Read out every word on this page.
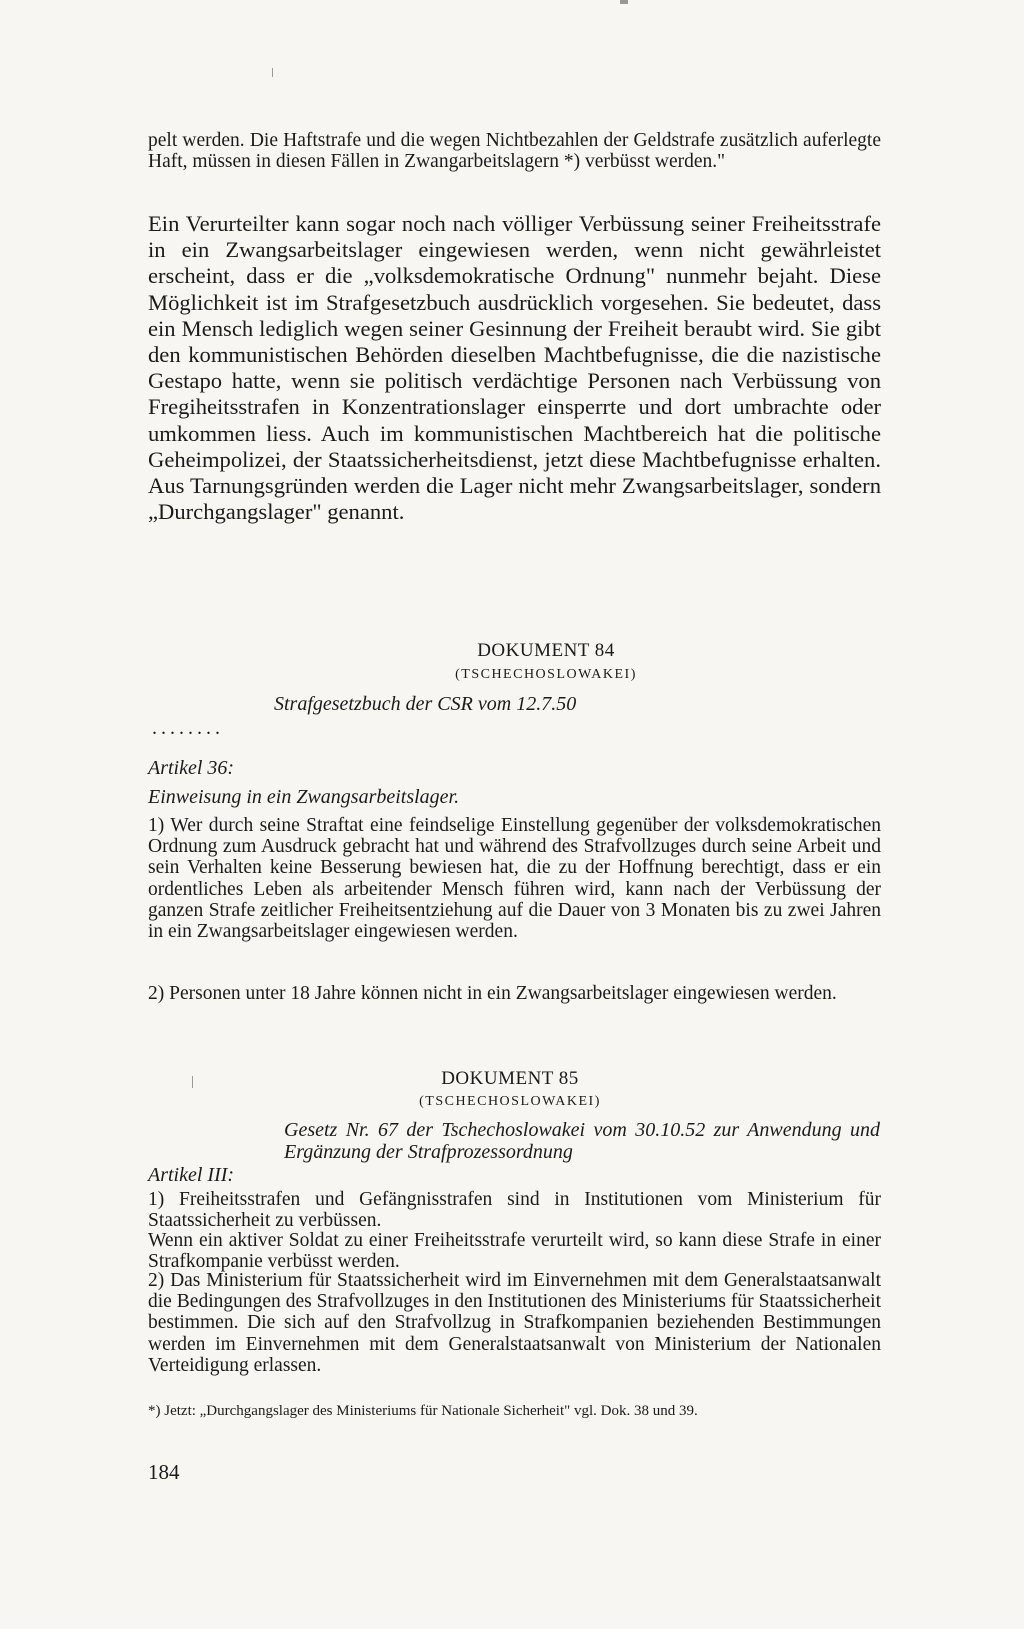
pelt werden. Die Haftstrafe und die wegen Nichtbezahlen der Geldstrafe zusätzlich auferlegte Haft, müssen in diesen Fällen in Zwangarbeitslagern *) verbüsst werden."

Ein Verurteilter kann sogar noch nach völliger Verbüssung seiner Freiheitsstrafe in ein Zwangsarbeitslager eingewiesen werden, wenn nicht gewährleistet erscheint, dass er die „volksdemokratische Ordnung" nunmehr bejaht. Diese Möglichkeit ist im Strafgesetzbuch ausdrücklich vorgesehen. Sie bedeutet, dass ein Mensch lediglich wegen seiner Gesinnung der Freiheit beraubt wird. Sie gibt den kommunistischen Behörden dieselben Machtbefugnisse, die die nazistische Gestapo hatte, wenn sie politisch verdächtige Personen nach Verbüssung von Fregiheitsstrafen in Konzentrationslager einsperrte und dort umbrachte oder umkommen liess. Auch im kommunistischen Machtbereich hat die politische Geheimpolizei, der Staatssicherheitsdienst, jetzt diese Machtbefugnisse erhalten. Aus Tarnungsgründen werden die Lager nicht mehr Zwangsarbeitslager, sondern „Durchgangslager" genannt.

DOKUMENT 84
(TSCHECHOSLOWAKEI)
Strafgesetzbuch der CSR vom 12.7.50
........
Artikel 36:
Einweisung in ein Zwangsarbeitslager.

1) Wer durch seine Straftat eine feindselige Einstellung gegenüber der volksdemokratischen Ordnung zum Ausdruck gebracht hat und während des Strafvollzuges durch seine Arbeit und sein Verhalten keine Besserung bewiesen hat, die zu der Hoffnung berechtigt, dass er ein ordentliches Leben als arbeitender Mensch führen wird, kann nach der Verbüssung der ganzen Strafe zeitlicher Freiheitsentziehung auf die Dauer von 3 Monaten bis zu zwei Jahren in ein Zwangsarbeitslager eingewiesen werden.

2) Personen unter 18 Jahre können nicht in ein Zwangsarbeitslager eingewiesen werden.

DOKUMENT 85
(TSCHECHOSLOWAKEI)

Gesetz Nr. 67 der Tschechoslowakei vom 30.10.52 zur Anwendung und Ergänzung der Strafprozessordnung

Artikel III:

1) Freiheitsstrafen und Gefängnisstrafen sind in Institutionen vom Ministerium für Staatssicherheit zu verbüssen.

Wenn ein aktiver Soldat zu einer Freiheitsstrafe verurteilt wird, so kann diese Strafe in einer Strafkompanie verbüsst werden.

2) Das Ministerium für Staatssicherheit wird im Einvernehmen mit dem Generalstaatsanwalt die Bedingungen des Strafvollzuges in den Institutionen des Ministeriums für Staatssicherheit bestimmen. Die sich auf den Strafvollzug in Strafkompanien beziehenden Bestimmungen werden im Einvernehmen mit dem Generalstaatsanwalt von Ministerium der Nationalen Verteidigung erlassen.

*) Jetzt: „Durchgangslager des Ministeriums für Nationale Sicherheit" vgl. Dok. 38 und 39.

184
